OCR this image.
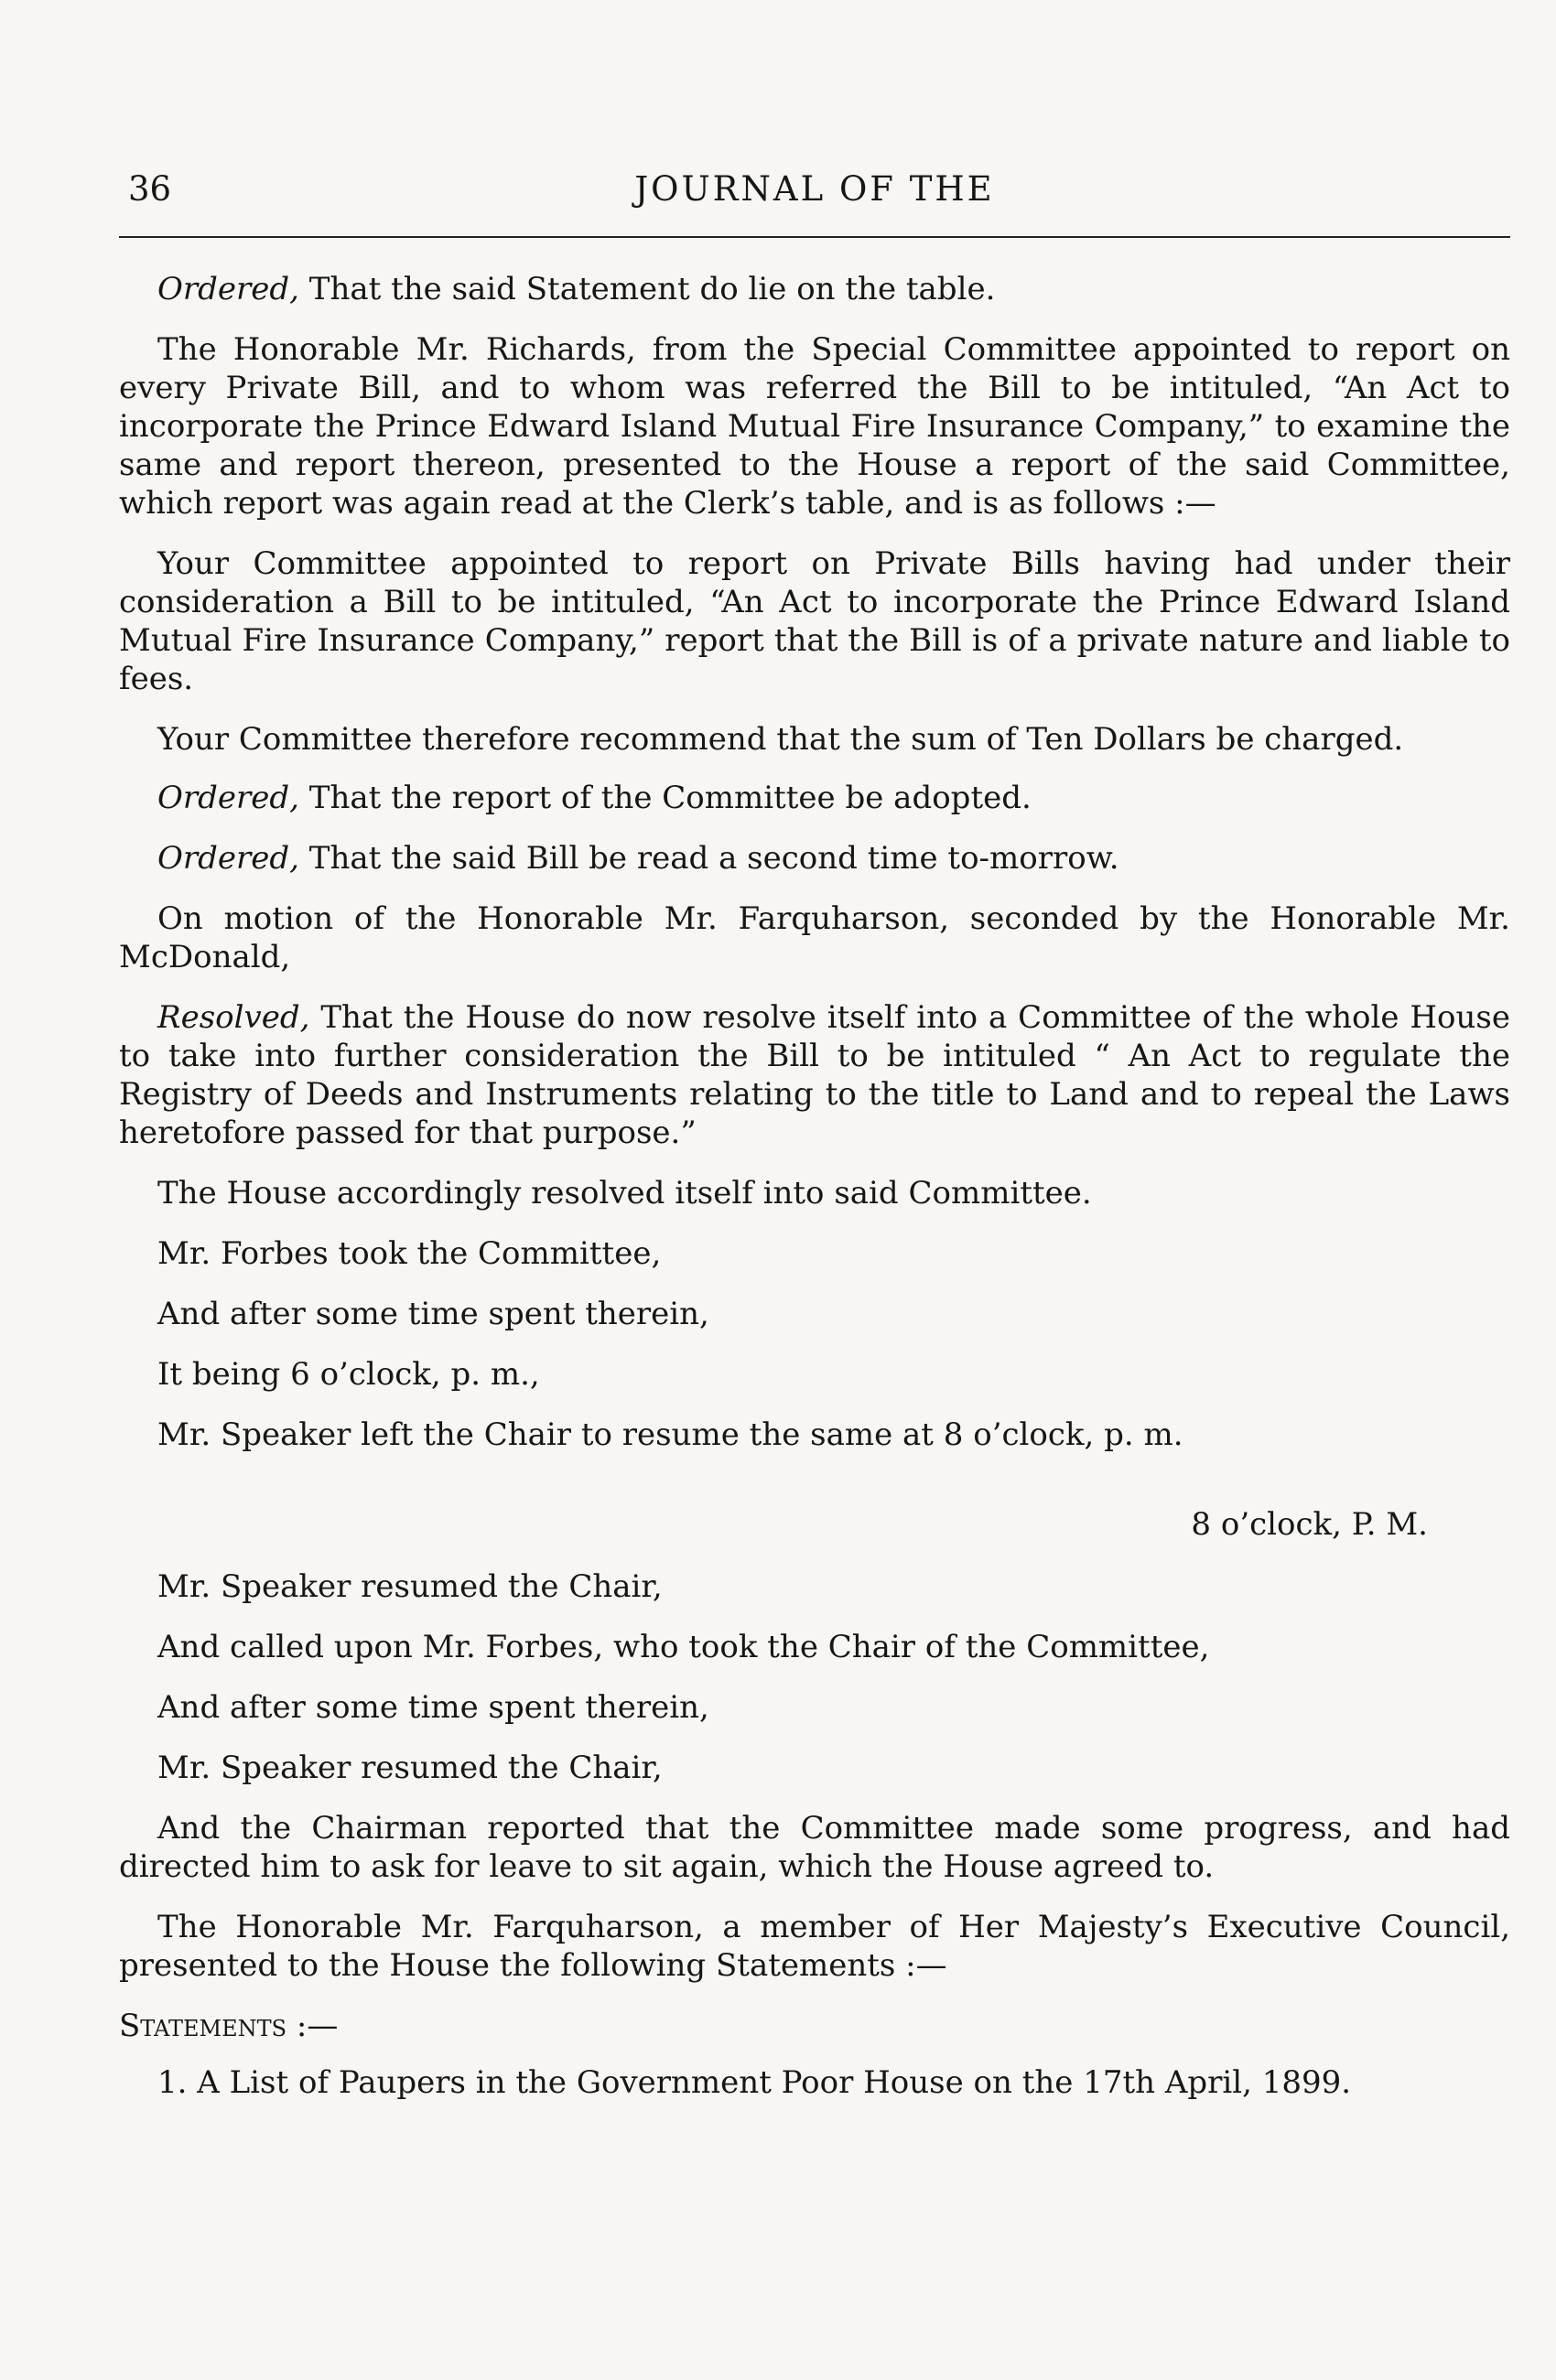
36	JOURNAL OF THE

Ordered, That the said Statement do lie on the table.

The Honorable Mr. Richards, from the Special Committee appointed to report on every Private Bill, and to whom was referred the Bill to be intituled, “An Act to incorporate the Prince Edward Island Mutual Fire Insurance Company,” to examine the same and report thereon, presented to the House a report of the said Committee, which report was again read at the Clerk’s table, and is as follows :—

Your Committee appointed to report on Private Bills having had under their consideration a Bill to be intituled, “An Act to incorporate the Prince Edward Island Mutual Fire Insurance Company,” report that the Bill is of a private nature and liable to fees.

Your Committee therefore recommend that the sum of Ten Dollars be charged.

Ordered, That the report of the Committee be adopted.

Ordered, That the said Bill be read a second time to-morrow.

On motion of the Honorable Mr. Farquharson, seconded by the Honorable Mr. McDonald,

Resolved, That the House do now resolve itself into a Committee of the whole House to take into further consideration the Bill to be intituled “ An Act to regulate the Registry of Deeds and Instruments relating to the title to Land and to repeal the Laws heretofore passed for that purpose.”

The House accordingly resolved itself into said Committee.

Mr. Forbes took the Committee,

And after some time spent therein,

It being 6 o’clock, p. m.,

Mr. Speaker left the Chair to resume the same at 8 o’clock, p. m.

8 o’clock, P. M.

Mr. Speaker resumed the Chair,

And called upon Mr. Forbes, who took the Chair of the Committee,

And after some time spent therein,

Mr. Speaker resumed the Chair,

And the Chairman reported that the Committee made some progress, and had directed him to ask for leave to sit again, which the House agreed to.

The Honorable Mr. Farquharson, a member of Her Majesty’s Executive Council, presented to the House the following Statements :—

Statements :—

1. A List of Paupers in the Government Poor House on the 17th April, 1899.
